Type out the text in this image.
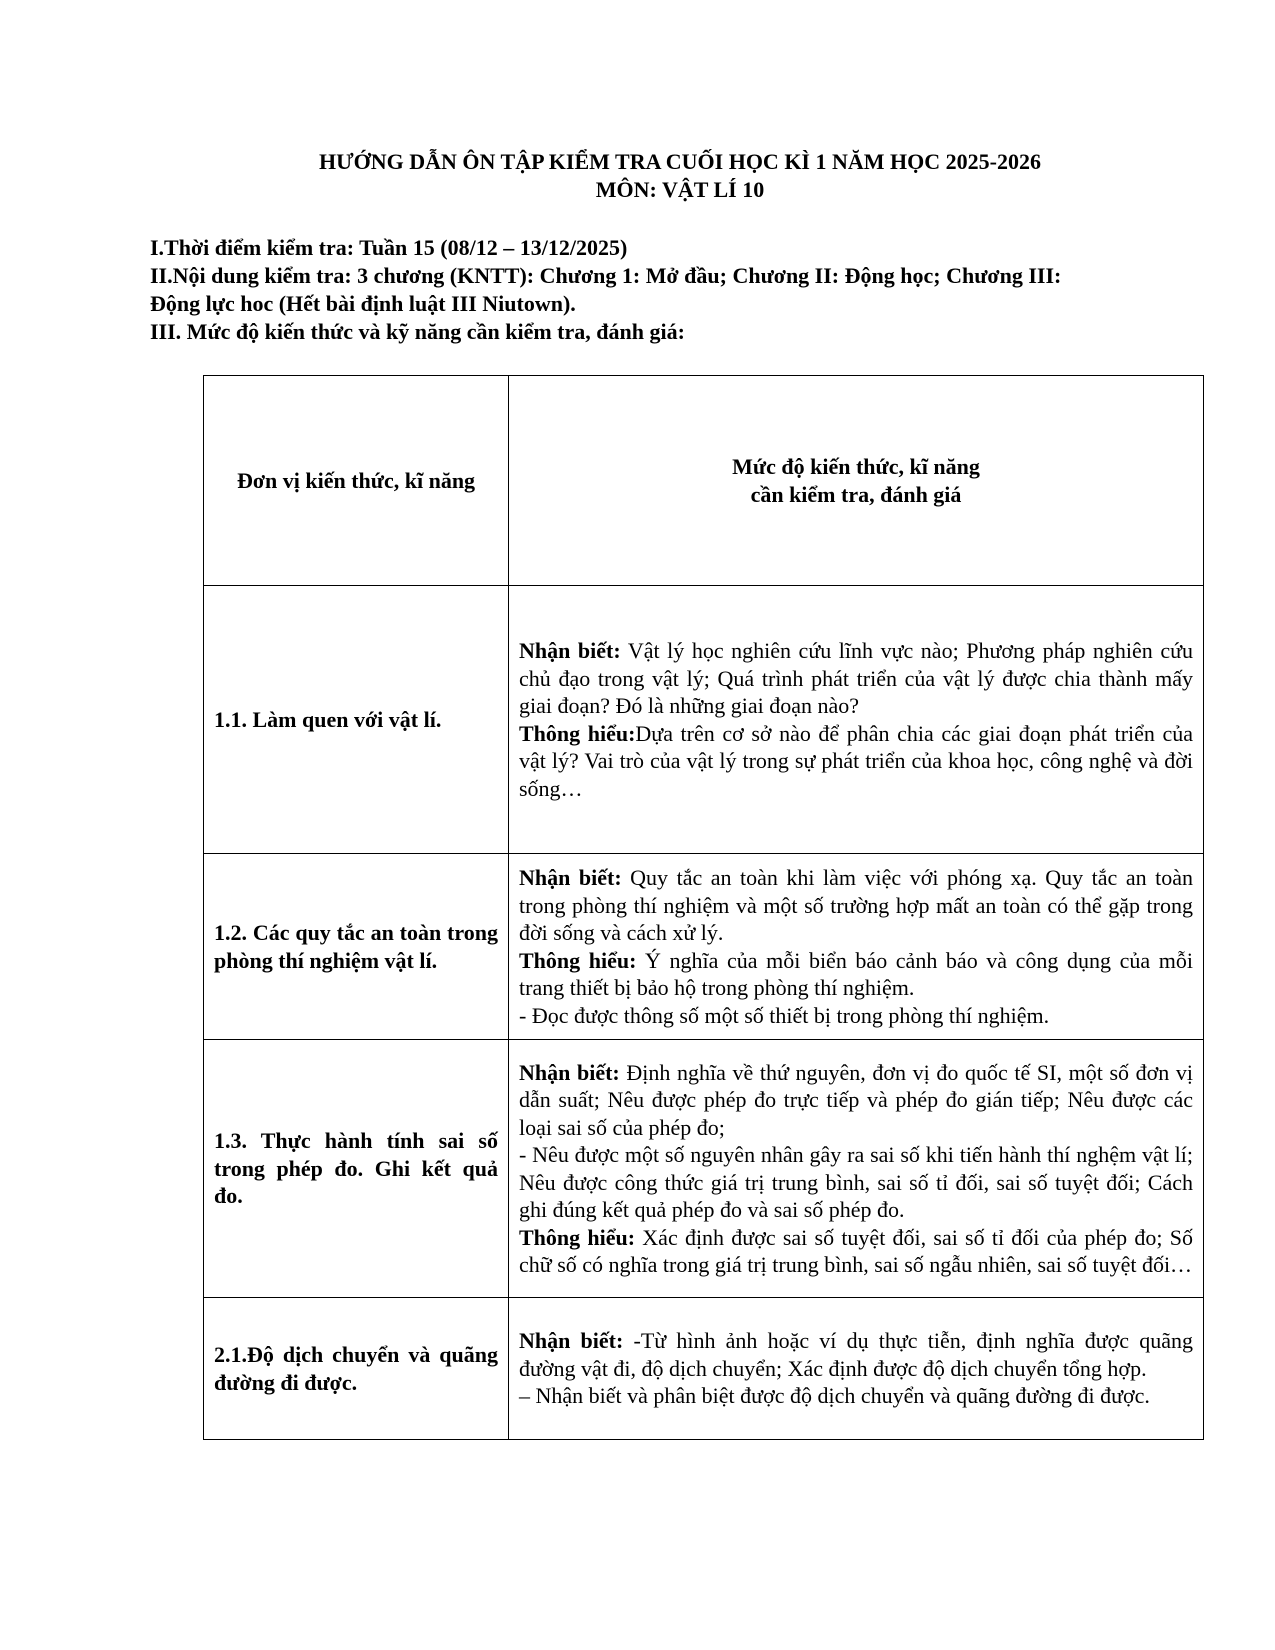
HƯỚNG DẪN ÔN TẬP KIỂM TRA CUỐI HỌC KÌ 1 NĂM HỌC 2025-2026
MÔN: VẬT LÍ 10
I.Thời điểm kiểm tra: Tuần 15 (08/12 – 13/12/2025)
II.Nội dung kiểm tra: 3 chương (KNTT): Chương 1: Mở đầu; Chương II: Động học; Chương III:
Động lực hoc (Hết bài định luật III Niutown).
III. Mức độ kiến thức và kỹ năng cần kiểm tra, đánh giá:
Đơn vị kiến thức, kĩ năng	Mức độ kiến thức, kĩ năng
cần kiểm tra, đánh giá

1.1. Làm quen với vật lí.	Nhận biết: Vật lý học nghiên cứu lĩnh vực nào; Phương pháp nghiên cứu chủ đạo trong vật lý; Quá trình phát triển của vật lý được chia thành mấy giai đoạn? Đó là những giai đoạn nào?

Thông hiểu:Dựa trên cơ sở nào để phân chia các giai đoạn phát triển của vật lý? Vai trò của vật lý trong sự phát triển của khoa học, công nghệ và đời sống…

1.2. Các quy tắc an toàn trong phòng thí nghiệm vật lí.	Nhận biết: Quy tắc an toàn khi làm việc với phóng xạ. Quy tắc an toàn trong phòng thí nghiệm và một số trường hợp mất an toàn có thể gặp trong đời sống và cách xử lý.

Thông hiểu: Ý nghĩa của mỗi biển báo cảnh báo và công dụng của mỗi trang thiết bị bảo hộ trong phòng thí nghiệm.

- Đọc được thông số một số thiết bị trong phòng thí nghiệm.

1.3. Thực hành tính sai số trong phép đo. Ghi kết quả đo.	Nhận biết: Định nghĩa về thứ nguyên, đơn vị đo quốc tế SI, một số đơn vị dẫn suất; Nêu được phép đo trực tiếp và phép đo gián tiếp; Nêu được các loại sai số của phép đo;

- Nêu được một số nguyên nhân gây ra sai số khi tiến hành thí nghệm vật lí; Nêu được công thức giá trị trung bình, sai số tỉ đối, sai số tuyệt đối; Cách ghi đúng kết quả phép đo và sai số phép đo.

Thông hiểu: Xác định được sai số tuyệt đối, sai số tỉ đối của phép đo; Số chữ số có nghĩa trong giá trị trung bình, sai số ngẫu nhiên, sai số tuyệt đối…

2.1.Độ dịch chuyển và quãng đường đi được.	Nhận biết: -Từ hình ảnh hoặc ví dụ thực tiễn, định nghĩa được quãng đường vật đi, độ dịch chuyển; Xác định được độ dịch chuyển tổng hợp.

– Nhận biết và phân biệt được độ dịch chuyển và quãng đường đi được.
